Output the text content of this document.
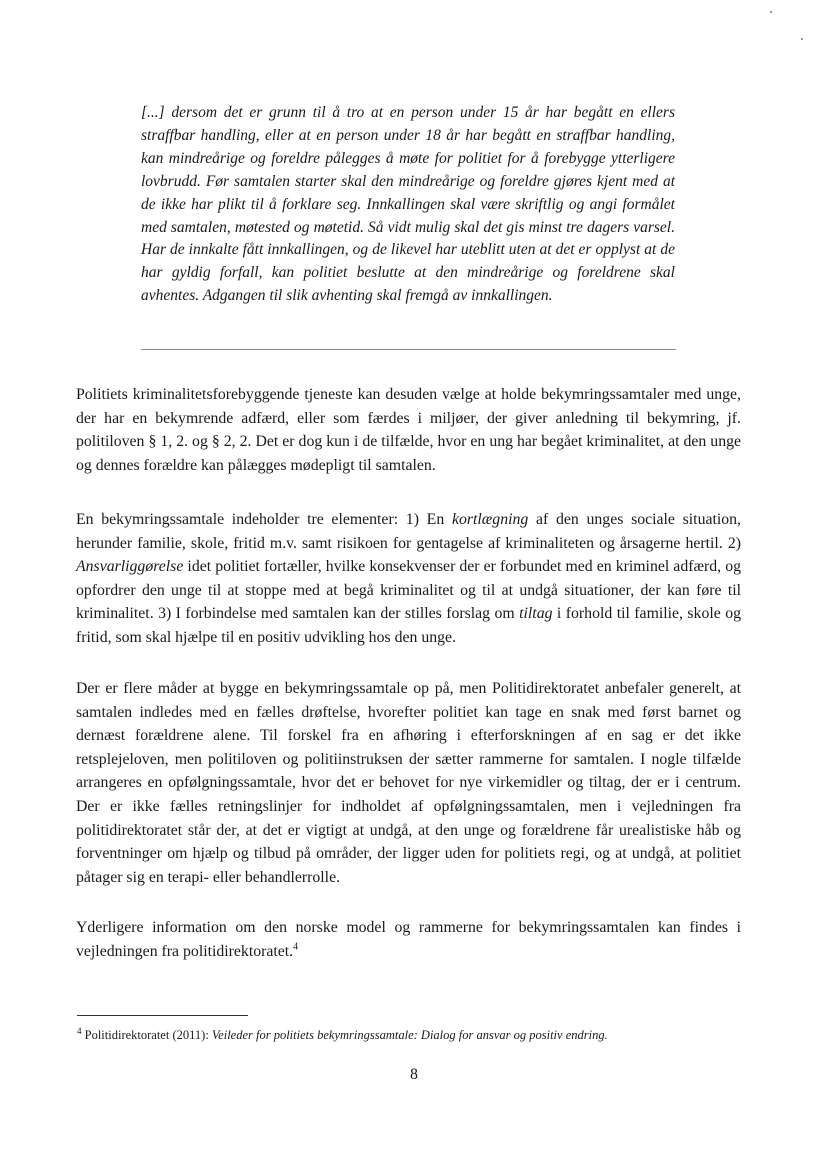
[...] dersom det er grunn til å tro at en person under 15 år har begått en ellers straffbar handling, eller at en person under 18 år har begått en straffbar handling, kan mindreårige og foreldre pålegges å møte for politiet for å forebygge ytterligere lovbrudd. Før samtalen starter skal den mindreårige og foreldre gjøres kjent med at de ikke har plikt til å forklare seg. Innkallingen skal være skriftlig og angi formålet med samtalen, møtested og møtetid. Så vidt mulig skal det gis minst tre dagers varsel. Har de innkalte fått innkallingen, og de likevel har uteblitt uten at det er opplyst at de har gyldig forfall, kan politiet beslutte at den mindreårige og foreldrene skal avhentes. Adgangen til slik avhenting skal fremgå av innkallingen.

Politiets kriminalitetsforebyggende tjeneste kan desuden vælge at holde bekymringssamtaler med unge, der har en bekymrende adfærd, eller som færdes i miljøer, der giver anledning til bekymring, jf. politiloven § 1, 2. og § 2, 2. Det er dog kun i de tilfælde, hvor en ung har begået kriminalitet, at den unge og dennes forældre kan pålægges mødepligt til samtalen.

En bekymringssamtale indeholder tre elementer: 1) En kortlægning af den unges sociale situation, herunder familie, skole, fritid m.v. samt risikoen for gentagelse af kriminaliteten og årsagerne hertil. 2) Ansvarliggørelse idet politiet fortæller, hvilke konsekvenser der er forbundet med en kriminel adfærd, og opfordrer den unge til at stoppe med at begå kriminalitet og til at undgå situationer, der kan føre til kriminalitet. 3) I forbindelse med samtalen kan der stilles forslag om tiltag i forhold til familie, skole og fritid, som skal hjælpe til en positiv udvikling hos den unge.

Der er flere måder at bygge en bekymringssamtale op på, men Politidirektoratet anbefaler generelt, at samtalen indledes med en fælles drøftelse, hvorefter politiet kan tage en snak med først barnet og dernæst forældrene alene. Til forskel fra en afhøring i efterforskningen af en sag er det ikke retsplejeloven, men politiloven og politiinstruksen der sætter rammerne for samtalen. I nogle tilfælde arrangeres en opfølgningssamtale, hvor det er behovet for nye virkemidler og tiltag, der er i centrum. Der er ikke fælles retningslinjer for indholdet af opfølgningssamtalen, men i vejledningen fra politidirektoratet står der, at det er vigtigt at undgå, at den unge og forældrene får urealistiske håb og forventninger om hjælp og tilbud på områder, der ligger uden for politiets regi, og at undgå, at politiet påtager sig en terapi- eller behandlerrolle.

Yderligere information om den norske model og rammerne for bekymringssamtalen kan findes i vejledningen fra politidirektoratet.$^4$

$^4$ Politidirektoratet (2011): Veileder for politiets bekymringssamtale: Dialog for ansvar og positiv endring.
8
